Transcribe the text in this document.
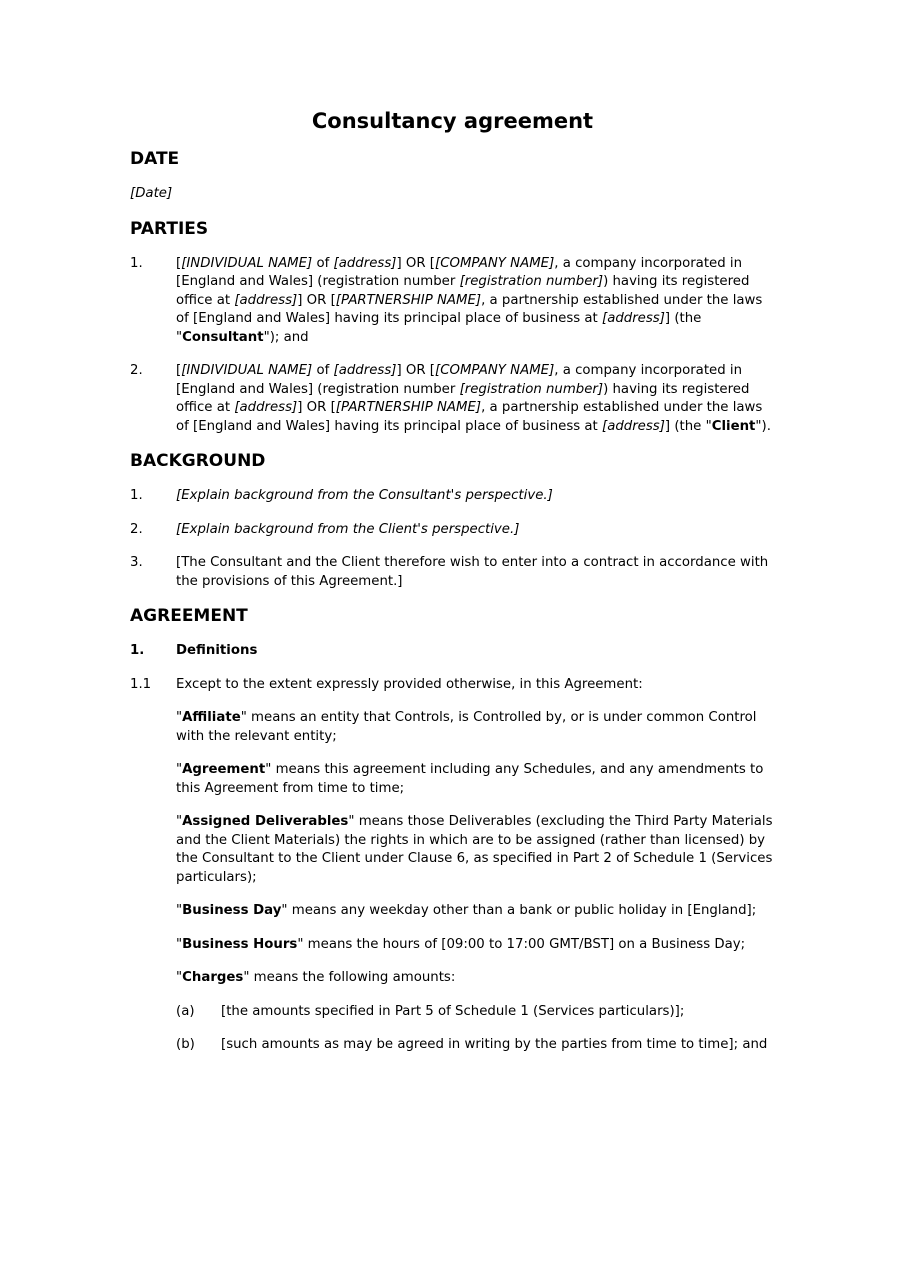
Consultancy agreement
DATE

[Date]

PARTIES
1.	[[INDIVIDUAL NAME] of [address]] OR [[COMPANY NAME], a company incorporated in [England and Wales] (registration number [registration number]) having its registered office at [address]] OR [[PARTNERSHIP NAME], a partnership established under the laws of [England and Wales] having its principal place of business at [address]] (the "Consultant"); and
2.	[[INDIVIDUAL NAME] of [address]] OR [[COMPANY NAME], a company incorporated in [England and Wales] (registration number [registration number]) having its registered office at [address]] OR [[PARTNERSHIP NAME], a partnership established under the laws of [England and Wales] having its principal place of business at [address]] (the "Client").
BACKGROUND
1.	[Explain background from the Consultant's perspective.]
2.	[Explain background from the Client's perspective.]
3.	[The Consultant and the Client therefore wish to enter into a contract in accordance with the provisions of this Agreement.]
AGREEMENT
1.	Definitions
1.1	Except to the extent expressly provided otherwise, in this Agreement:

"Affiliate" means an entity that Controls, is Controlled by, or is under common Control with the relevant entity;

"Agreement" means this agreement including any Schedules, and any amendments to this Agreement from time to time;

"Assigned Deliverables" means those Deliverables (excluding the Third Party Materials and the Client Materials) the rights in which are to be assigned (rather than licensed) by the Consultant to the Client under Clause 6, as specified in Part 2 of Schedule 1 (Services particulars);

"Business Day" means any weekday other than a bank or public holiday in [England];

"Business Hours" means the hours of [09:00 to 17:00 GMT/BST] on a Business Day;

"Charges" means the following amounts:

(a)	[the amounts specified in Part 5 of Schedule 1 (Services particulars)];
(b)	[such amounts as may be agreed in writing by the parties from time to time]; and
